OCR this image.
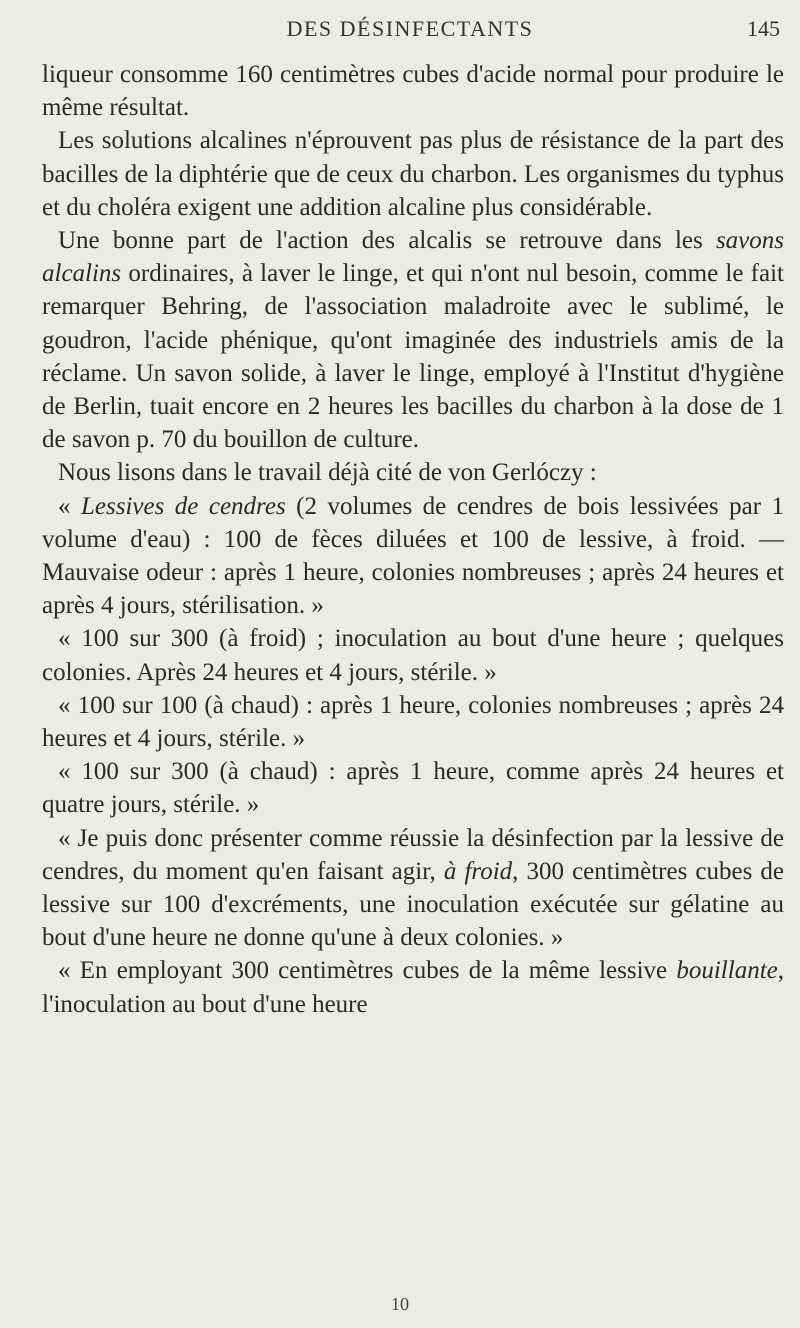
DES DÉSINFECTANTS	145

liqueur consomme 160 centimètres cubes d'acide normal pour produire le même résultat.

Les solutions alcalines n'éprouvent pas plus de résistance de la part des bacilles de la diphtérie que de ceux du charbon. Les organismes du typhus et du choléra exigent une addition alcaline plus considérable.

Une bonne part de l'action des alcalis se retrouve dans les savons alcalins ordinaires, à laver le linge, et qui n'ont nul besoin, comme le fait remarquer Behring, de l'association maladroite avec le sublimé, le goudron, l'acide phénique, qu'ont imaginée des industriels amis de la réclame. Un savon solide, à laver le linge, employé à l'Institut d'hygiène de Berlin, tuait encore en 2 heures les bacilles du charbon à la dose de 1 de savon p. 70 du bouillon de culture.

Nous lisons dans le travail déjà cité de von Gerlóczy :

« Lessives de cendres (2 volumes de cendres de bois lessivées par 1 volume d'eau) : 100 de fèces diluées et 100 de lessive, à froid. — Mauvaise odeur : après 1 heure, colonies nombreuses ; après 24 heures et après 4 jours, stérilisation. »

« 100 sur 300 (à froid) ; inoculation au bout d'une heure ; quelques colonies. Après 24 heures et 4 jours, stérile. »

« 100 sur 100 (à chaud) : après 1 heure, colonies nombreuses ; après 24 heures et 4 jours, stérile. »

« 100 sur 300 (à chaud) : après 1 heure, comme après 24 heures et quatre jours, stérile. »

« Je puis donc présenter comme réussie la désinfection par la lessive de cendres, du moment qu'en faisant agir, à froid, 300 centimètres cubes de lessive sur 100 d'excréments, une inoculation exécutée sur gélatine au bout d'une heure ne donne qu'une à deux colonies. »

« En employant 300 centimètres cubes de la même lessive bouillante, l'inoculation au bout d'une heure

10
